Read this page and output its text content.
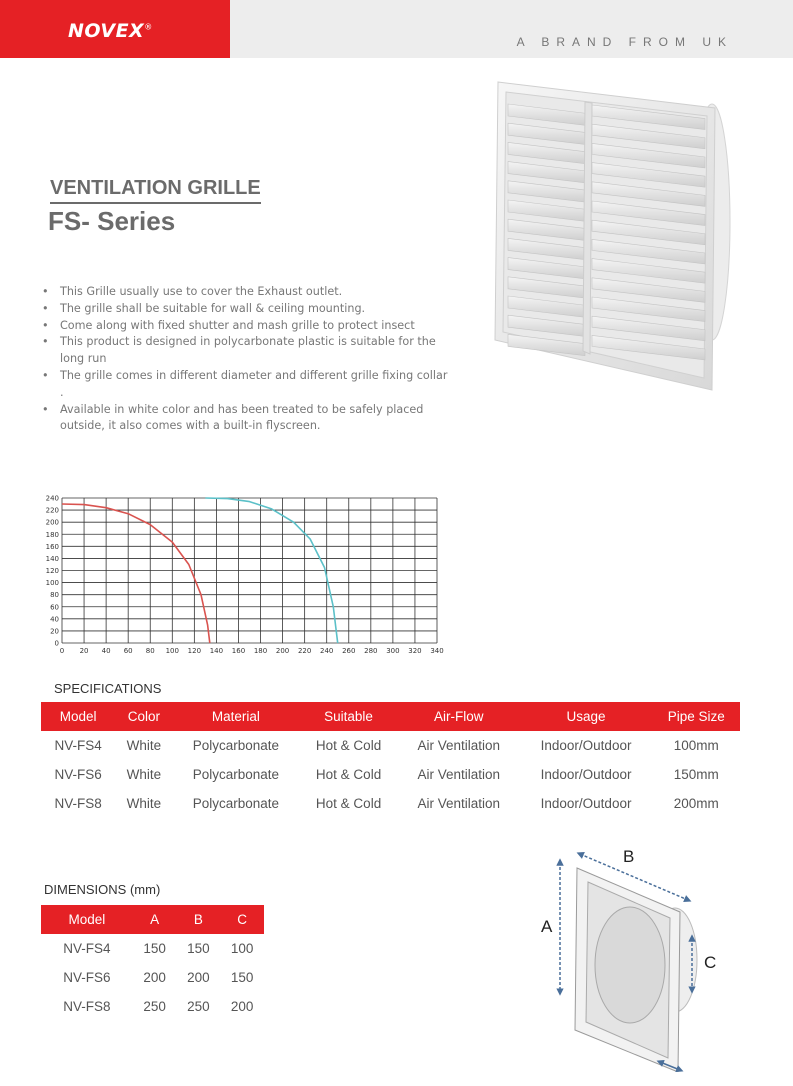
NOVEX®
A BRAND FROM UK
VENTILATION GRILLE
FS- Series
• This Grille usually use to cover the Exhaust outlet.
• The grille shall be suitable for wall & ceiling mounting.
• Come along with fixed shutter and mash grille to protect insect
• This product is designed in polycarbonate plastic is suitable for the long run
• The grille comes in different diameter and different grille fixing collar .
• Available in white color and has been treated to be safely placed outside, it also comes with a built-in flyscreen.
0
20
40
60
80
100
120
140
160
180
200
220
240
0 20 40 60 80 100 120 140 160 180 200 220 240 260 280 300 320 340
SPECIFICATIONS
Model	Color	Material	Suitable	Air-Flow	Usage	Pipe Size
NV-FS4	White	Polycarbonate	Hot & Cold	Air Ventilation	Indoor/Outdoor	100mm
NV-FS6	White	Polycarbonate	Hot & Cold	Air Ventilation	Indoor/Outdoor	150mm
NV-FS8	White	Polycarbonate	Hot & Cold	Air Ventilation	Indoor/Outdoor	200mm
DIMENSIONS (mm)
Model	A	B	C
NV-FS4	150	150	100
NV-FS6	200	200	150
NV-FS8	250	250	200
A
B
C
